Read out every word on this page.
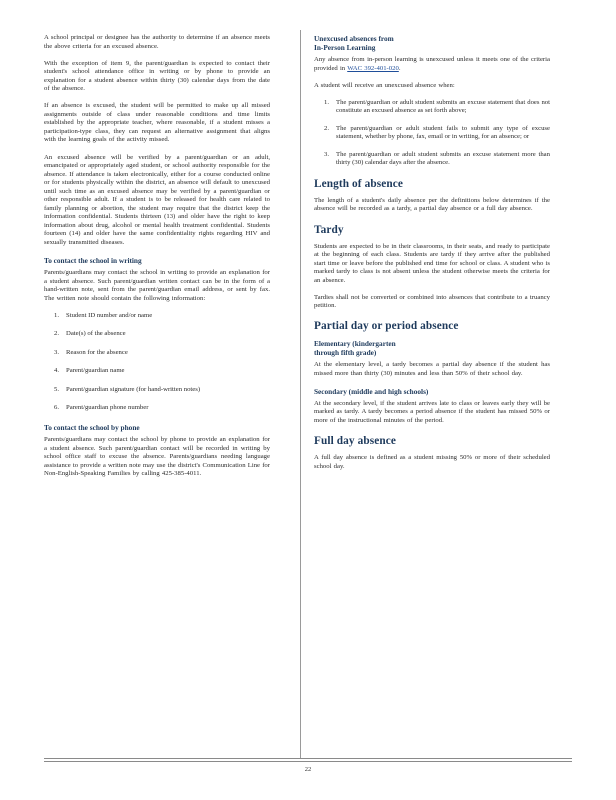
A school principal or designee has the authority to determine if an absence meets the above criteria for an excused absence.

With the exception of item 9, the parent/guardian is expected to contact their student's school attendance office in writing or by phone to provide an explanation for a student absence within thirty (30) calendar days from the date of the absence.

If an absence is excused, the student will be permitted to make up all missed assignments outside of class under reasonable conditions and time limits established by the appropriate teacher, where reasonable, if a student misses a participation-type class, they can request an alternative assignment that aligns with the learning goals of the activity missed.

An excused absence will be verified by a parent/guardian or an adult, emancipated or appropriately aged student, or school authority responsible for the absence. If attendance is taken electronically, either for a course conducted online or for students physically within the district, an absence will default to unexcused until such time as an excused absence may be verified by a parent/guardian or other responsible adult. If a student is to be released for health care related to family planning or abortion, the student may require that the district keep the information confidential. Students thirteen (13) and older have the right to keep information about drug, alcohol or mental health treatment confidential. Students fourteen (14) and older have the same confidentiality rights regarding HIV and sexually transmitted diseases.

To contact the school in writing

Parents/guardians may contact the school in writing to provide an explanation for a student absence. Such parent/guardian written contact can be in the form of a hand-written note, sent from the parent/guardian email address, or sent by fax. The written note should contain the following information:

1. Student ID number and/or name
2. Date(s) of the absence
3. Reason for the absence
4. Parent/guardian name
5. Parent/guardian signature (for hand-written notes)
6. Parent/guardian phone number
To contact the school by phone

Parents/guardians may contact the school by phone to provide an explanation for a student absence. Such parent/guardian contact will be recorded in writing by school office staff to excuse the absence. Parents/guardians needing language assistance to provide a written note may use the district's Communication Line for Non-English-Speaking Families by calling 425-385-4011.

Unexcused absences from
In-Person Learning

Any absence from in-person learning is unexcused unless it meets one of the criteria provided in WAC 392-401-020.

A student will receive an unexcused absence when:

1. The parent/guardian or adult student submits an excuse statement that does not constitute an excused absence as set forth above;
2. The parent/guardian or adult student fails to submit any type of excuse statement, whether by phone, fax, email or in writing, for an absence; or
3. The parent/guardian or adult student submits an excuse statement more than thirty (30) calendar days after the absence.
Length of absence

The length of a student's daily absence per the definitions below determines if the absence will be recorded as a tardy, a partial day absence or a full day absence.

Tardy

Students are expected to be in their classrooms, in their seats, and ready to participate at the beginning of each class. Students are tardy if they arrive after the published start time or leave before the published end time for school or class. A student who is marked tardy to class is not absent unless the student otherwise meets the criteria for an absence.

Tardies shall not be converted or combined into absences that contribute to a truancy petition.

Partial day or period absence
Elementary (kindergarten
through fifth grade)

At the elementary level, a tardy becomes a partial day absence if the student has missed more than thirty (30) minutes and less than 50% of their school day.

Secondary (middle and high schools)

At the secondary level, if the student arrives late to class or leaves early they will be marked as tardy. A tardy becomes a period absence if the student has missed 50% or more of the instructional minutes of the period.

Full day absence

A full day absence is defined as a student missing 50% or more of their scheduled school day.

22
